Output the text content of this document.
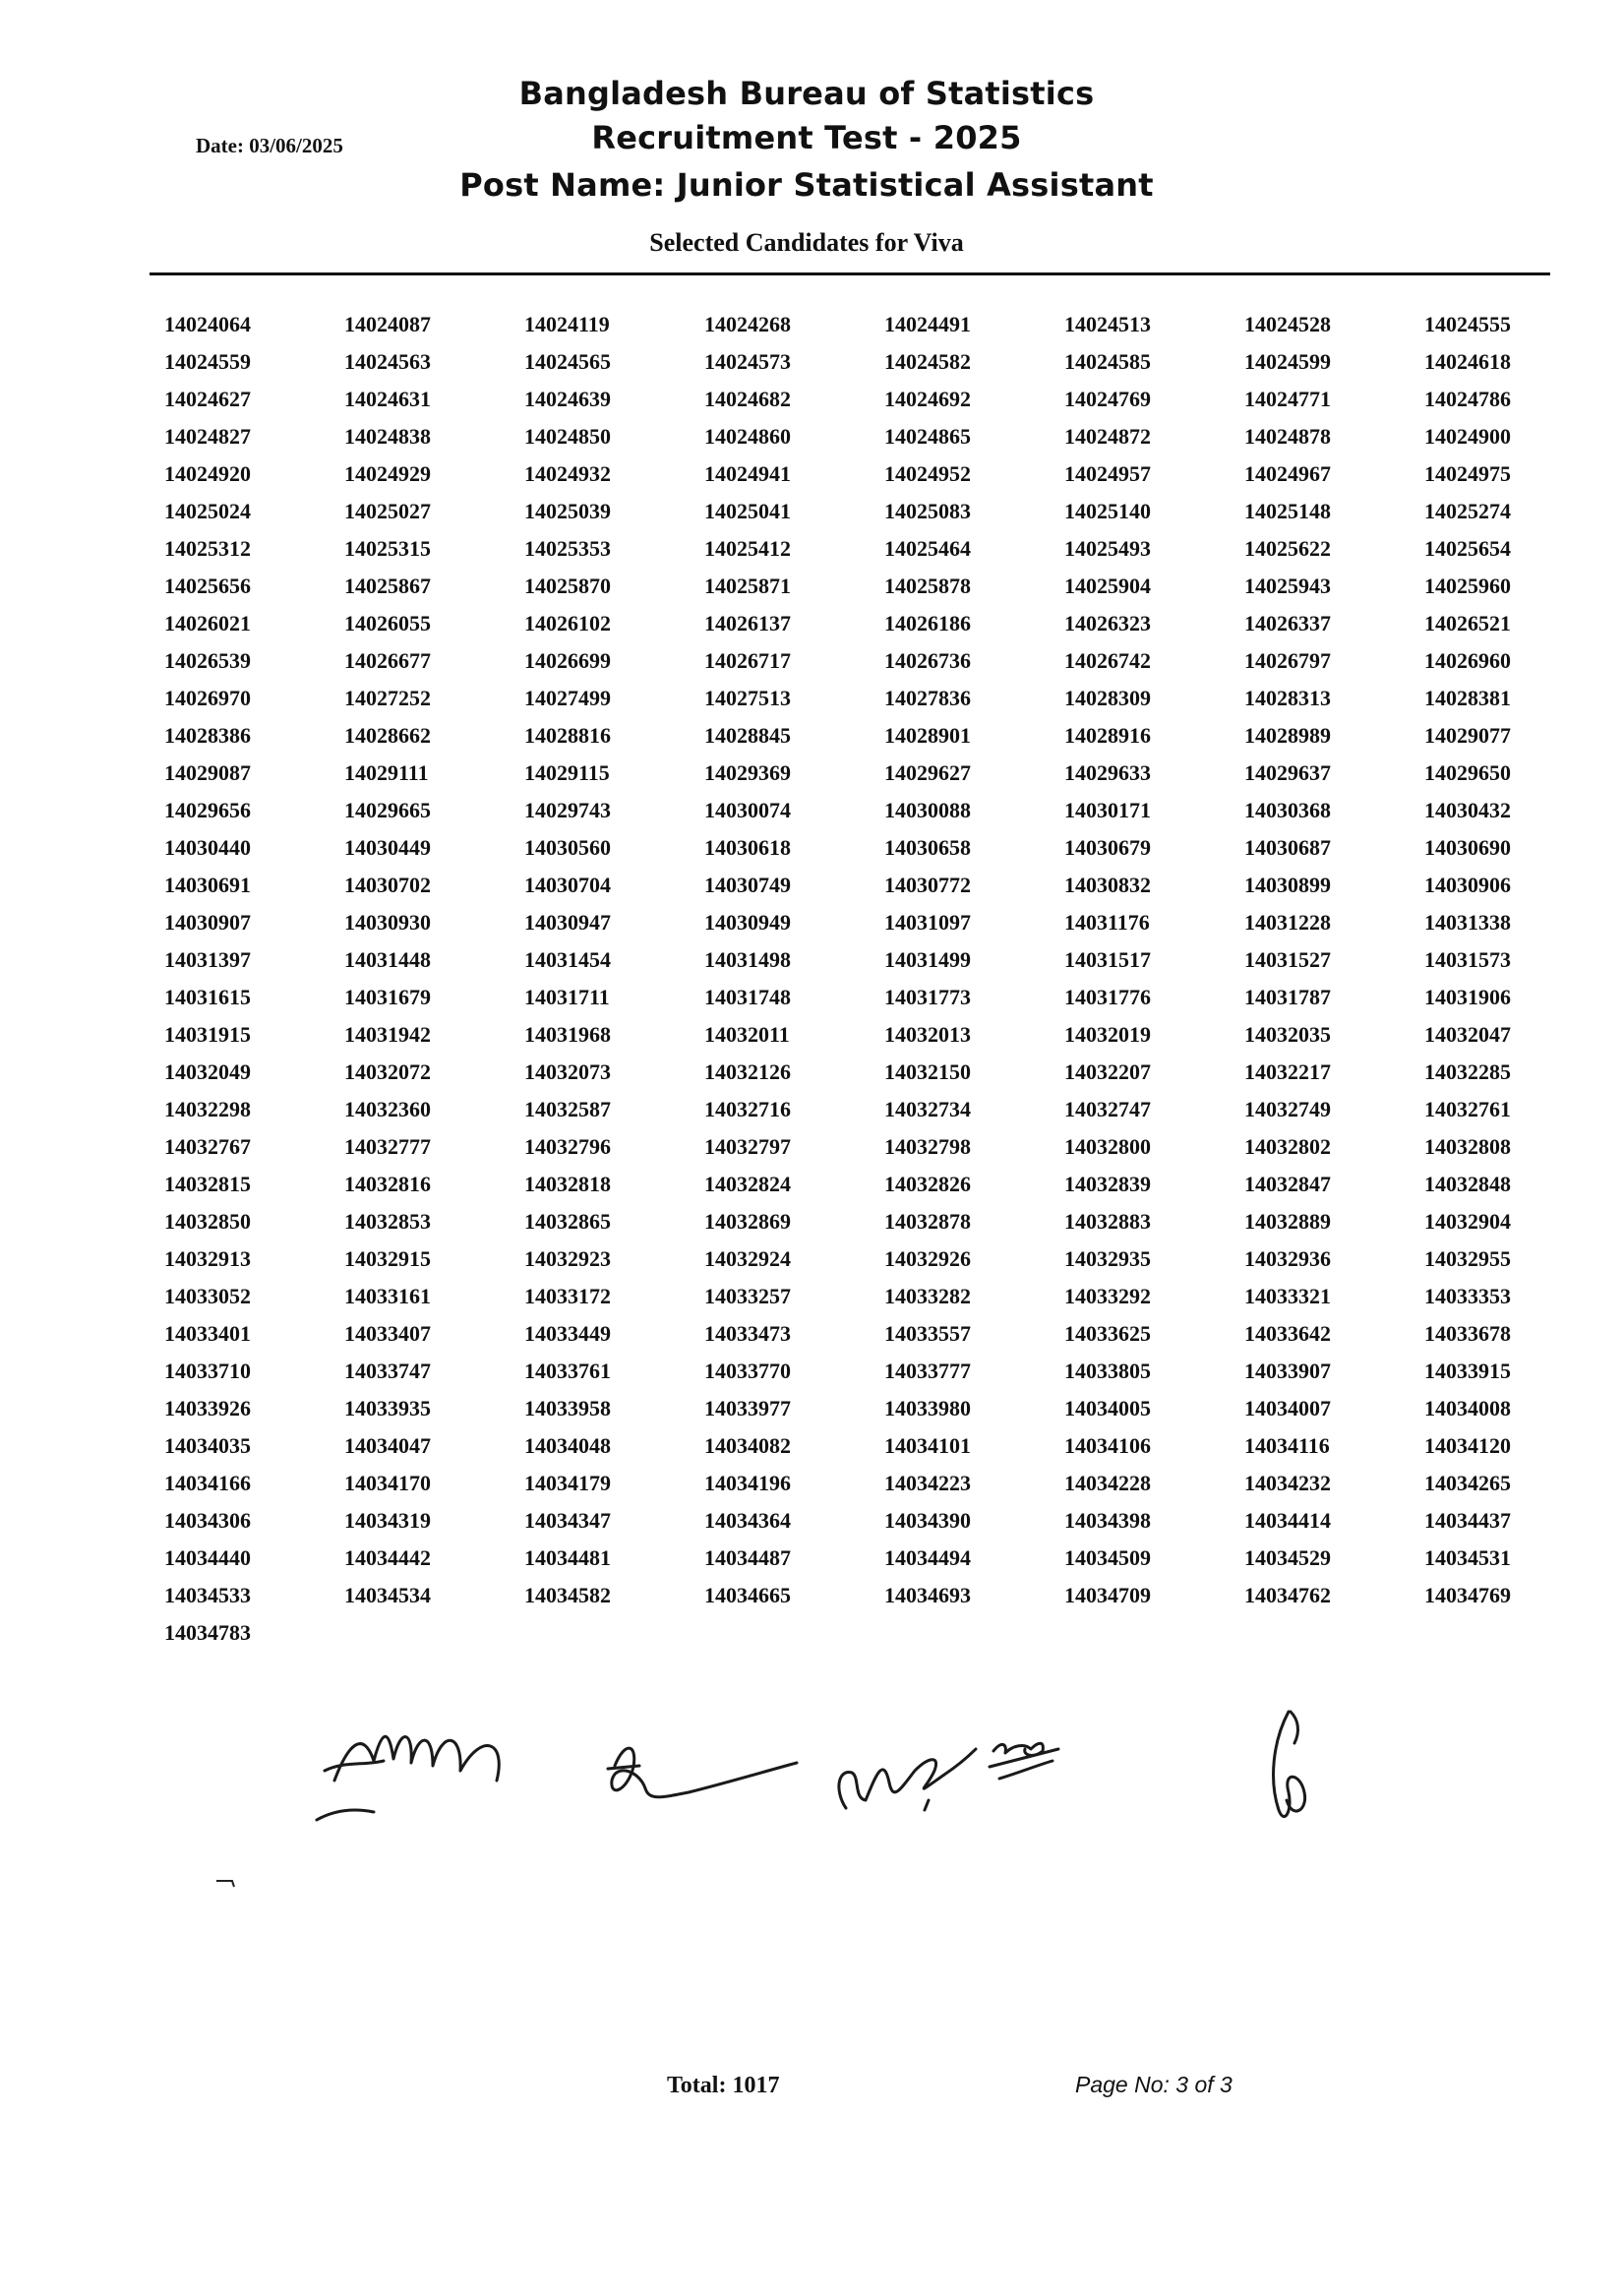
Date: 03/06/2025
Bangladesh Bureau of Statistics
Recruitment Test - 2025
Post Name: Junior Statistical Assistant
Selected Candidates for Viva
14024064	14024087	14024119	14024268	14024491	14024513	14024528	14024555
14024559	14024563	14024565	14024573	14024582	14024585	14024599	14024618
14024627	14024631	14024639	14024682	14024692	14024769	14024771	14024786
14024827	14024838	14024850	14024860	14024865	14024872	14024878	14024900
14024920	14024929	14024932	14024941	14024952	14024957	14024967	14024975
14025024	14025027	14025039	14025041	14025083	14025140	14025148	14025274
14025312	14025315	14025353	14025412	14025464	14025493	14025622	14025654
14025656	14025867	14025870	14025871	14025878	14025904	14025943	14025960
14026021	14026055	14026102	14026137	14026186	14026323	14026337	14026521
14026539	14026677	14026699	14026717	14026736	14026742	14026797	14026960
14026970	14027252	14027499	14027513	14027836	14028309	14028313	14028381
14028386	14028662	14028816	14028845	14028901	14028916	14028989	14029077
14029087	14029111	14029115	14029369	14029627	14029633	14029637	14029650
14029656	14029665	14029743	14030074	14030088	14030171	14030368	14030432
14030440	14030449	14030560	14030618	14030658	14030679	14030687	14030690
14030691	14030702	14030704	14030749	14030772	14030832	14030899	14030906
14030907	14030930	14030947	14030949	14031097	14031176	14031228	14031338
14031397	14031448	14031454	14031498	14031499	14031517	14031527	14031573
14031615	14031679	14031711	14031748	14031773	14031776	14031787	14031906
14031915	14031942	14031968	14032011	14032013	14032019	14032035	14032047
14032049	14032072	14032073	14032126	14032150	14032207	14032217	14032285
14032298	14032360	14032587	14032716	14032734	14032747	14032749	14032761
14032767	14032777	14032796	14032797	14032798	14032800	14032802	14032808
14032815	14032816	14032818	14032824	14032826	14032839	14032847	14032848
14032850	14032853	14032865	14032869	14032878	14032883	14032889	14032904
14032913	14032915	14032923	14032924	14032926	14032935	14032936	14032955
14033052	14033161	14033172	14033257	14033282	14033292	14033321	14033353
14033401	14033407	14033449	14033473	14033557	14033625	14033642	14033678
14033710	14033747	14033761	14033770	14033777	14033805	14033907	14033915
14033926	14033935	14033958	14033977	14033980	14034005	14034007	14034008
14034035	14034047	14034048	14034082	14034101	14034106	14034116	14034120
14034166	14034170	14034179	14034196	14034223	14034228	14034232	14034265
14034306	14034319	14034347	14034364	14034390	14034398	14034414	14034437
14034440	14034442	14034481	14034487	14034494	14034509	14034529	14034531
14034533	14034534	14034582	14034665	14034693	14034709	14034762	14034769
14034783
Total: 1017	Page No: 3 of 3
